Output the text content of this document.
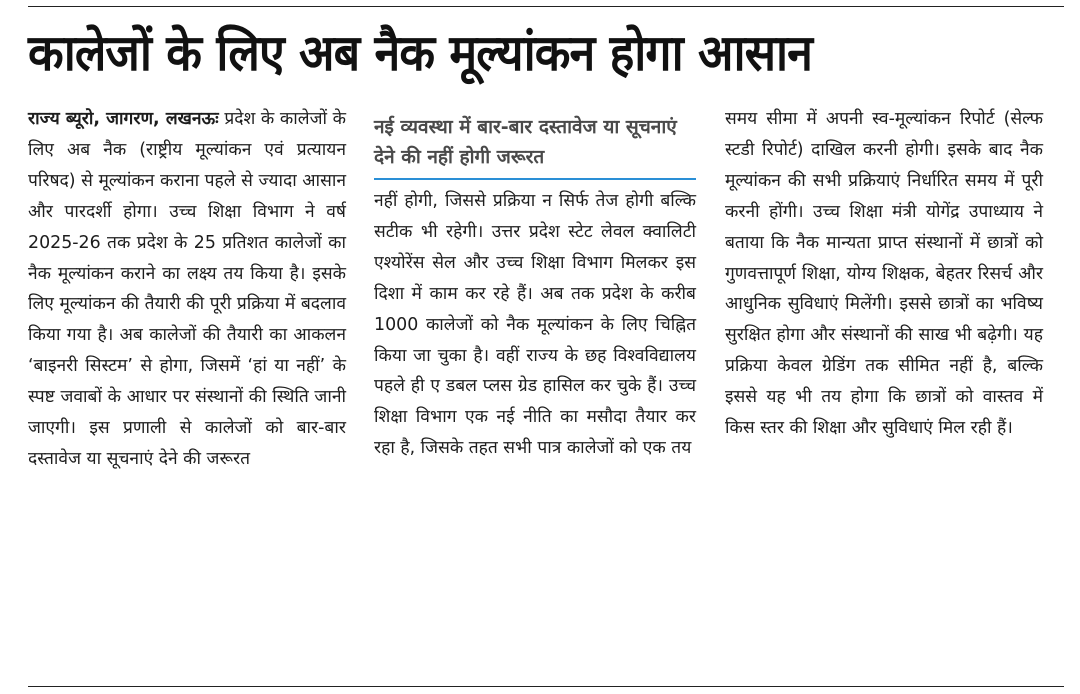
कालेजों के लिए अब नैक मूल्यांकन होगा आसान

राज्य ब्यूरो, जागरण, लखनऊः प्रदेश के कालेजों के लिए अब नैक (राष्ट्रीय मूल्यांकन एवं प्रत्यायन परिषद) से मूल्यांकन कराना पहले से ज्यादा आसान और पारदर्शी होगा। उच्च शिक्षा विभाग ने वर्ष 2025-26 तक प्रदेश के 25 प्रतिशत कालेजों का नैक मूल्यांकन कराने का लक्ष्य तय किया है। इसके लिए मूल्यांकन की तैयारी की पूरी प्रक्रिया में बदलाव किया गया है। अब कालेजों की तैयारी का आकलन ‘बाइनरी सिस्टम’ से होगा, जिसमें ‘हां या नहीं’ के स्पष्ट जवाबों के आधार पर संस्थानों की स्थिति जानी जाएगी। इस प्रणाली से कालेजों को बार-बार दस्तावेज या सूचनाएं देने की जरूरत

नई व्यवस्था में बार-बार दस्तावेज या सूचनाएं देने की नहीं होगी जरूरत

नहीं होगी, जिससे प्रक्रिया न सिर्फ तेज होगी बल्कि सटीक भी रहेगी। उत्तर प्रदेश स्टेट लेवल क्वालिटी एश्योरेंस सेल और उच्च शिक्षा विभाग मिलकर इस दिशा में काम कर रहे हैं। अब तक प्रदेश के करीब 1000 कालेजों को नैक मूल्यांकन के लिए चिह्नित किया जा चुका है। वहीं राज्य के छह विश्वविद्यालय पहले ही ए डबल प्लस ग्रेड हासिल कर चुके हैं। उच्च शिक्षा विभाग एक नई नीति का मसौदा तैयार कर रहा है, जिसके तहत सभी पात्र कालेजों को एक तय

समय सीमा में अपनी स्व-मूल्यांकन रिपोर्ट (सेल्फ स्टडी रिपोर्ट) दाखिल करनी होगी। इसके बाद नैक मूल्यांकन की सभी प्रक्रियाएं निर्धारित समय में पूरी करनी होंगी। उच्च शिक्षा मंत्री योगेंद्र उपाध्याय ने बताया कि नैक मान्यता प्राप्त संस्थानों में छात्रों को गुणवत्तापूर्ण शिक्षा, योग्य शिक्षक, बेहतर रिसर्च और आधुनिक सुविधाएं मिलेंगी। इससे छात्रों का भविष्य सुरक्षित होगा और संस्थानों की साख भी बढ़ेगी। यह प्रक्रिया केवल ग्रेडिंग तक सीमित नहीं है, बल्कि इससे यह भी तय होगा कि छात्रों को वास्तव में किस स्तर की शिक्षा और सुविधाएं मिल रही हैं।
